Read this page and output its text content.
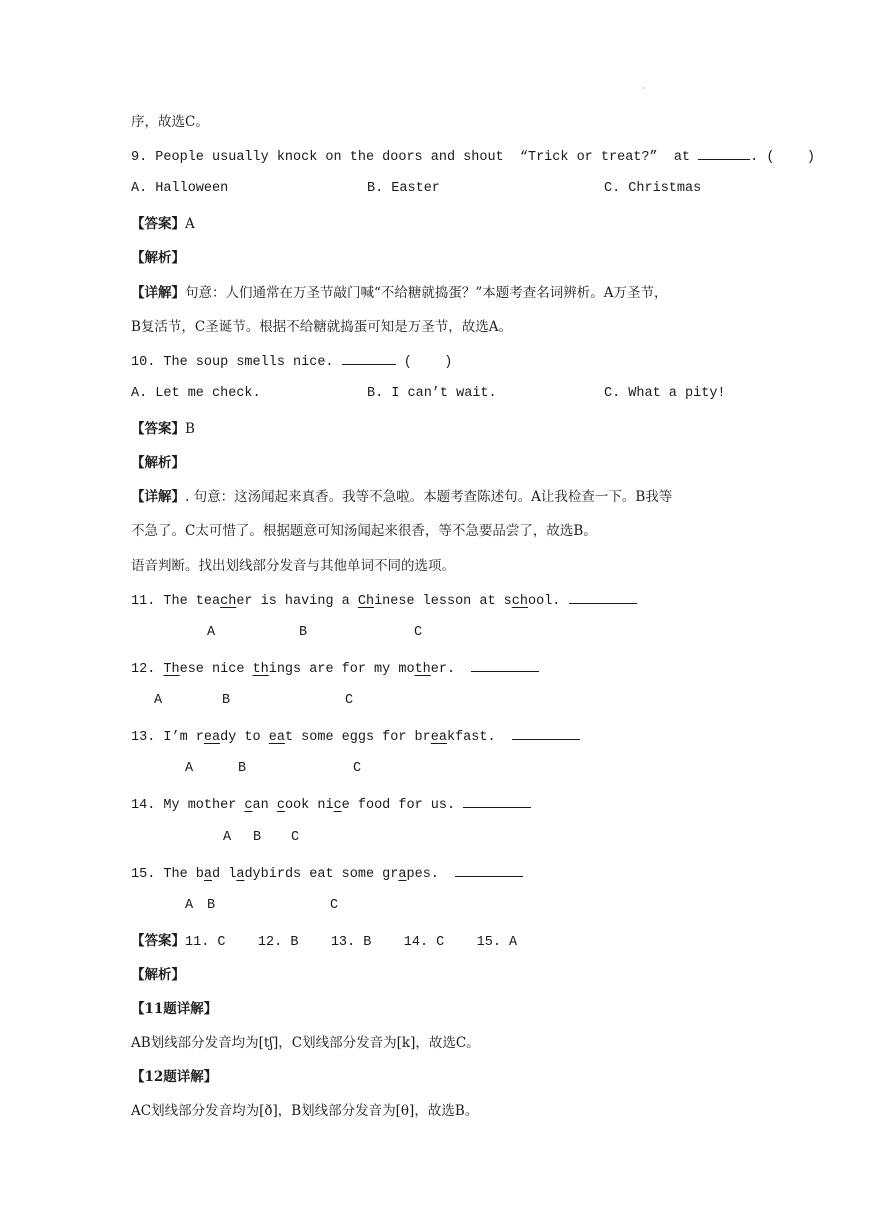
·
序，故选C。
9. People usually knock on the doors and shout “Trick or treat?” at	. (    )
A. Halloween	B. Easter	C. Christmas
【答案】A
【解析】
【详解】句意：人们通常在万圣节敲门喊“不给糖就捣蛋？”本题考查名词辨析。A万圣节，
B复活节，C圣诞节。根据不给糖就捣蛋可知是万圣节，故选A。
10. The soup smells nice.	(    )
A. Let me check.	B. I can’t wait.	C. What a pity!
【答案】B
【解析】
【详解】. 句意：这汤闻起来真香。我等不急啦。本题考查陈述句。A让我检查一下。B我等
不急了。C太可惜了。根据题意可知汤闻起来很香，等不急要品尝了，故选B。
语音判断。找出划线部分发音与其他单词不同的选项。
11. The teacher is having a Chinese lesson at school.
A	B	C
12. These nice things are for my mother.
A	B	C
13. I’m ready to eat some eggs for breakfast.
A	B	C
14. My mother can cook nice food for us.
A B C
15. The bad ladybirds eat some grapes.
A B	C
【答案】11. C    12. B    13. B    14. C    15. A
【解析】
【11题详解】
AB划线部分发音均为[tʃ]，C划线部分发音为[k]，故选C。
【12题详解】
AC划线部分发音均为[ð]，B划线部分发音为[θ]，故选B。
